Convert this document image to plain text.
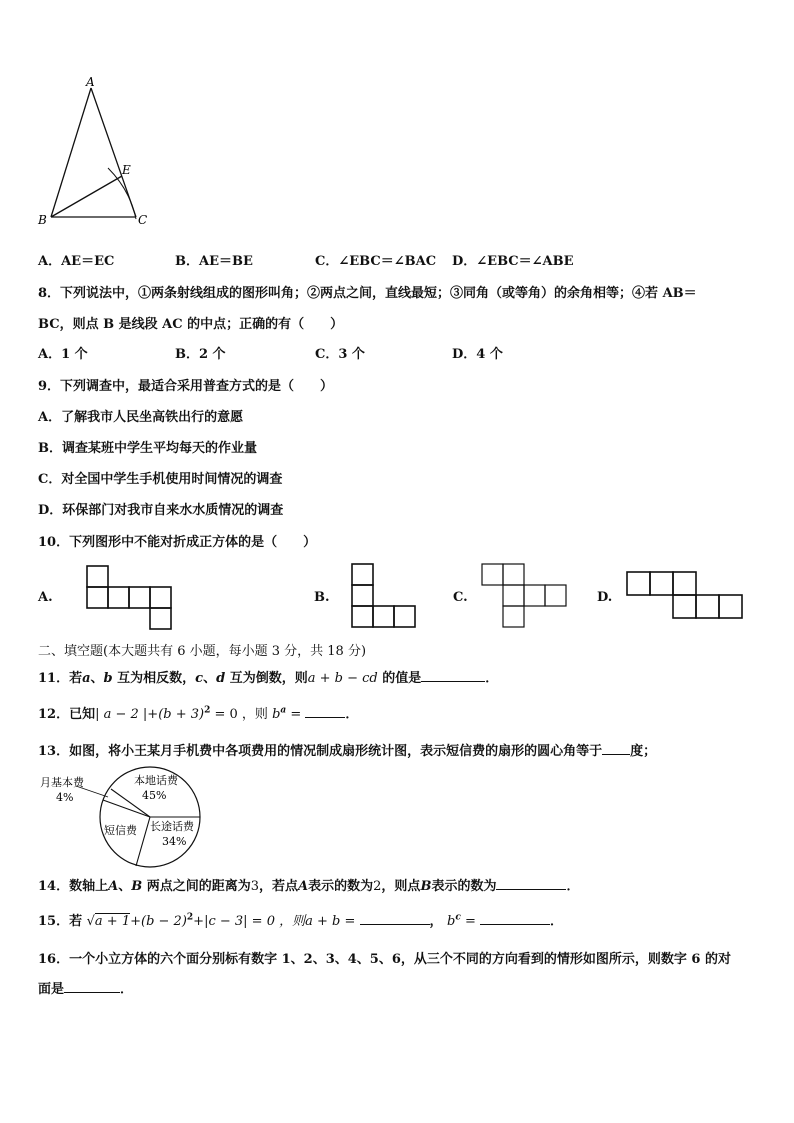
A
B	C
E
A．AE＝EC	B．AE＝BE	C．∠EBC＝∠BAC D．∠EBC＝∠ABE
8．下列说法中，①两条射线组成的图形叫角；②两点之间，直线最短；③同角（或等角）的余角相等；④若 AB＝
BC，则点 B 是线段 AC 的中点；正确的有（　　）
A．1 个	B．2 个	C．3 个	D．4 个
9．下列调查中，最适合采用普查方式的是（　　）
A．了解我市人民坐高铁出行的意愿
B．调查某班中学生平均每天的作业量
C．对全国中学生手机使用时间情况的调查
D．环保部门对我市自来水水质情况的调查
10．下列图形中不能对折成正方体的是（　　）
A.	B.	C.	D.
二、填空题(本大题共有 6 小题，每小题 3 分，共 18 分)
11．若a、b 互为相反数，c、d 互为倒数，则a + b − cd 的值是	．
12．已知| a − 2 $|+(b + 3)^2 = 0$ ，则 $b^a$ =	．
13．如图，将小王某月手机费中各项费用的情况制成扇形统计图，表示短信费的扇形的圆心角等于 度；
月基本费
4%
本地话费
45%
短信费 长途话费
34%
14．数轴上A、B 两点之间的距离为3，若点A表示的数为2，则点B表示的数为	．
15．若 $√a + 1+(b - 2)^2+|c - 3| = 0$ ，则a + b =	， $b^c$ =	．
16．一个小立方体的六个面分别标有数字 1、2、3、4、5、6，从三个不同的方向看到的情形如图所示，则数字 6 的对
面是	．
